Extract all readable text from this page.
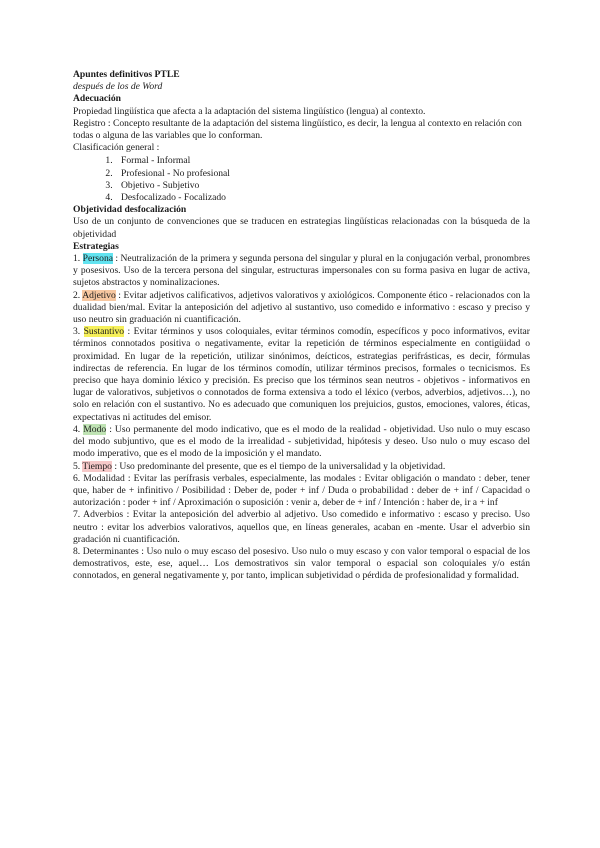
Apuntes definitivos PTLE

después de los de Word

Adecuación

Propiedad lingüística que afecta a la adaptación del sistema lingüístico (lengua) al contexto.

Registro : Concepto resultante de la adaptación del sistema lingüístico, es decir, la lengua al contexto en relación con todas o alguna de las variables que lo conforman.

Clasificación general :

1. Formal - Informal
2. Profesional - No profesional
3. Objetivo - Subjetivo
4. Desfocalizado - Focalizado

Objetividad desfocalización

Uso de un conjunto de convenciones que se traducen en estrategias lingüísticas relacionadas con la búsqueda de la objetividad

Estrategias

1. Persona : Neutralización de la primera y segunda persona del singular y plural en la conjugación verbal, pronombres y posesivos. Uso de la tercera persona del singular, estructuras impersonales con su forma pasiva en lugar de activa, sujetos abstractos y nominalizaciones.

2. Adjetivo : Evitar adjetivos calificativos, adjetivos valorativos y axiológicos. Componente ético - relacionados con la dualidad bien/mal. Evitar la anteposición del adjetivo al sustantivo, uso comedido e informativo : escaso y preciso y uso neutro sin graduación ni cuantificación.

3. Sustantivo : Evitar términos y usos coloquiales, evitar términos comodín, específicos y poco informativos, evitar términos connotados positiva o negativamente, evitar la repetición de términos especialmente en contigüidad o proximidad. En lugar de la repetición, utilizar sinónimos, deícticos, estrategias perifrásticas, es decir, fórmulas indirectas de referencia. En lugar de los términos comodín, utilizar términos precisos, formales o tecnicismos. Es preciso que haya dominio léxico y precisión. Es preciso que los términos sean neutros - objetivos - informativos en lugar de valorativos, subjetivos o connotados de forma extensiva a todo el léxico (verbos, adverbios, adjetivos…), no solo en relación con el sustantivo. No es adecuado que comuniquen los prejuicios, gustos, emociones, valores, éticas, expectativas ni actitudes del emisor.

4. Modo : Uso permanente del modo indicativo, que es el modo de la realidad - objetividad. Uso nulo o muy escaso del modo subjuntivo, que es el modo de la irrealidad - subjetividad, hipótesis y deseo. Uso nulo o muy escaso del modo imperativo, que es el modo de la imposición y el mandato.

5. Tiempo : Uso predominante del presente, que es el tiempo de la universalidad y la objetividad.

6. Modalidad : Evitar las perífrasis verbales, especialmente, las modales : Evitar obligación o mandato : deber, tener que, haber de + infinitivo / Posibilidad : Deber de, poder + inf / Duda o probabilidad : deber de + inf / Capacidad o autorización : poder + inf / Aproximación o suposición : venir a, deber de + inf / Intención : haber de, ir a + inf

7. Adverbios : Evitar la anteposición del adverbio al adjetivo. Uso comedido e informativo : escaso y preciso. Uso neutro : evitar los adverbios valorativos, aquellos que, en líneas generales, acaban en -mente. Usar el adverbio sin gradación ni cuantificación.

8. Determinantes : Uso nulo o muy escaso del posesivo. Uso nulo o muy escaso y con valor temporal o espacial de los demostrativos, este, ese, aquel… Los demostrativos sin valor temporal o espacial son coloquiales y/o están connotados, en general negativamente y, por tanto, implican subjetividad o pérdida de profesionalidad y formalidad.
